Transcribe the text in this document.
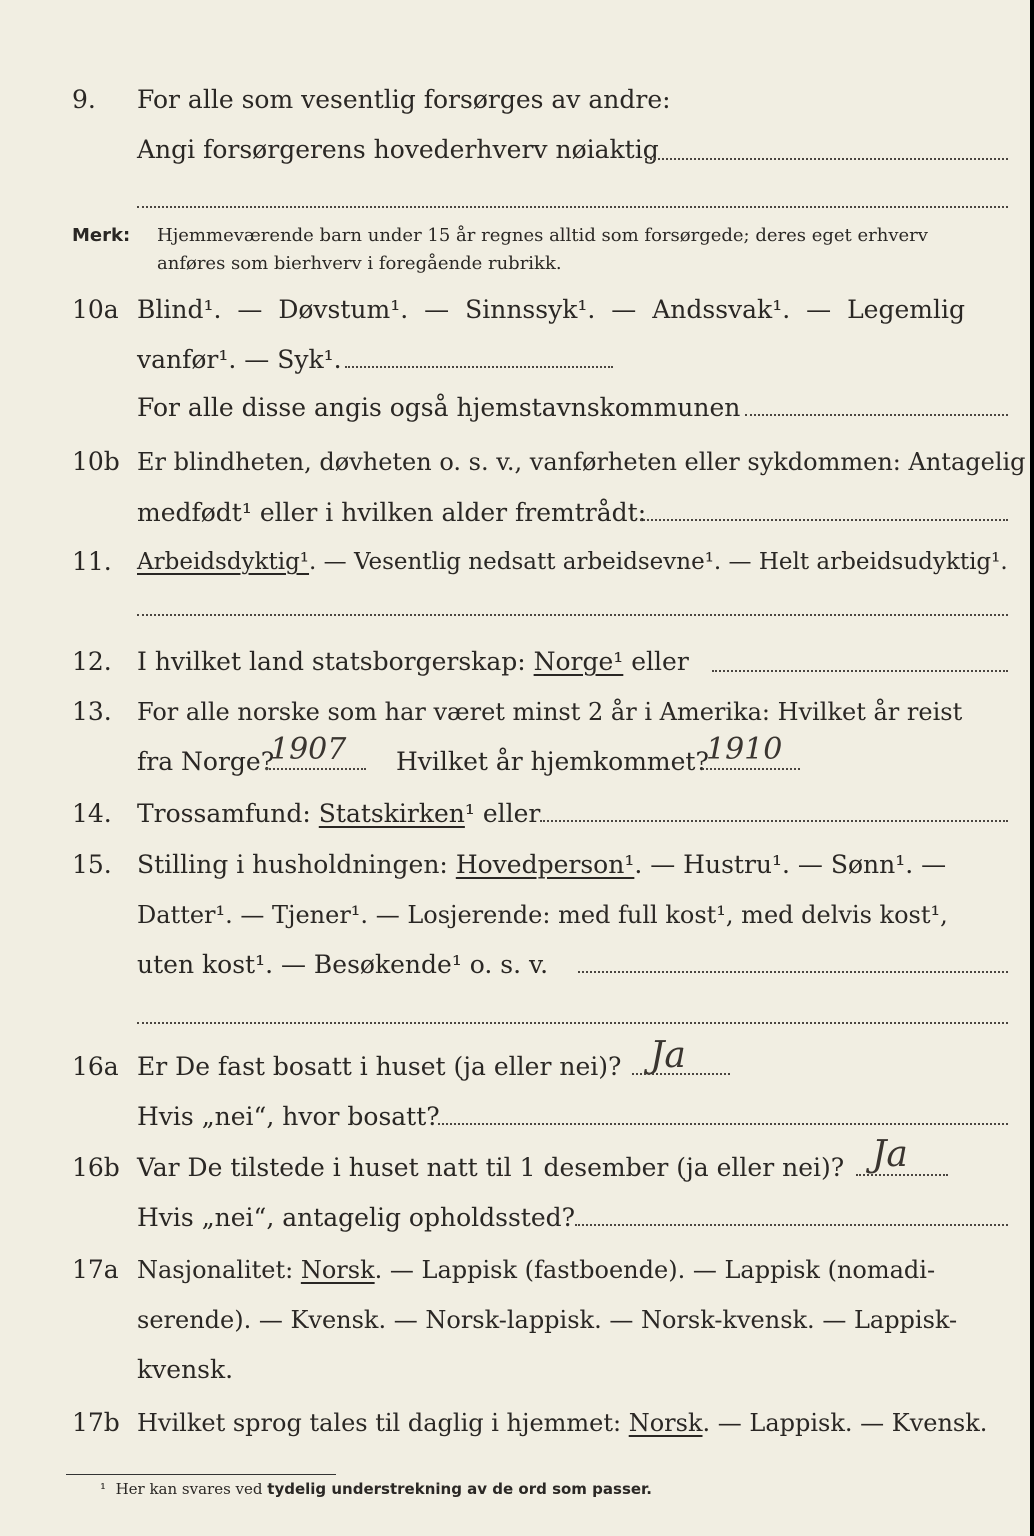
9. For alle som vesentlig forsørges av andre:
Angi forsørgerens hovederhverv nøiaktig
Merk: Hjemmeværende barn under 15 år regnes alltid som forsørgede; deres eget erhverv
anføres som bierhverv i foregående rubrikk.
10a Blind¹. — Døvstum¹. — Sinnssyk¹. — Andssvak¹. — Legemlig
vanfør¹. — Syk¹.
For alle disse angis også hjemstavnskommunen
10b Er blindheten, døvheten o. s. v., vanførheten eller sykdommen: Antagelig
medfødt¹ eller i hvilken alder fremtrådt:
11. Arbeidsdyktig¹. — Vesentlig nedsatt arbeidsevne¹. — Helt arbeidsudyktig¹.
12. I hvilket land statsborgerskap: Norge¹ eller
13. For alle norske som har været minst 2 år i Amerika: Hvilket år reist
fra Norge?
1907 Hvilket år hjemkommet?
1910
14. Trossamfund: Statskirken¹ eller
15. Stilling i husholdningen: Hovedperson¹. — Hustru¹. — Sønn¹. —
Datter¹. — Tjener¹. — Losjerende: med full kost¹, med delvis kost¹,
uten kost¹. — Besøkende¹ o. s. v.
16a Er De fast bosatt i huset (ja eller nei)? Ja
Hvis „nei“, hvor bosatt?
16b Var De tilstede i huset natt til 1 desember (ja eller nei)? Ja
Hvis „nei“, antagelig opholdssted?
17a Nasjonalitet: Norsk. — Lappisk (fastboende). — Lappisk (nomadi-
serende). — Kvensk. — Norsk-lappisk. — Norsk-kvensk. — Lappisk-
kvensk.
17b Hvilket sprog tales til daglig i hjemmet: Norsk. — Lappisk. — Kvensk.
¹ Her kan svares ved tydelig understrekning av de ord som passer.
